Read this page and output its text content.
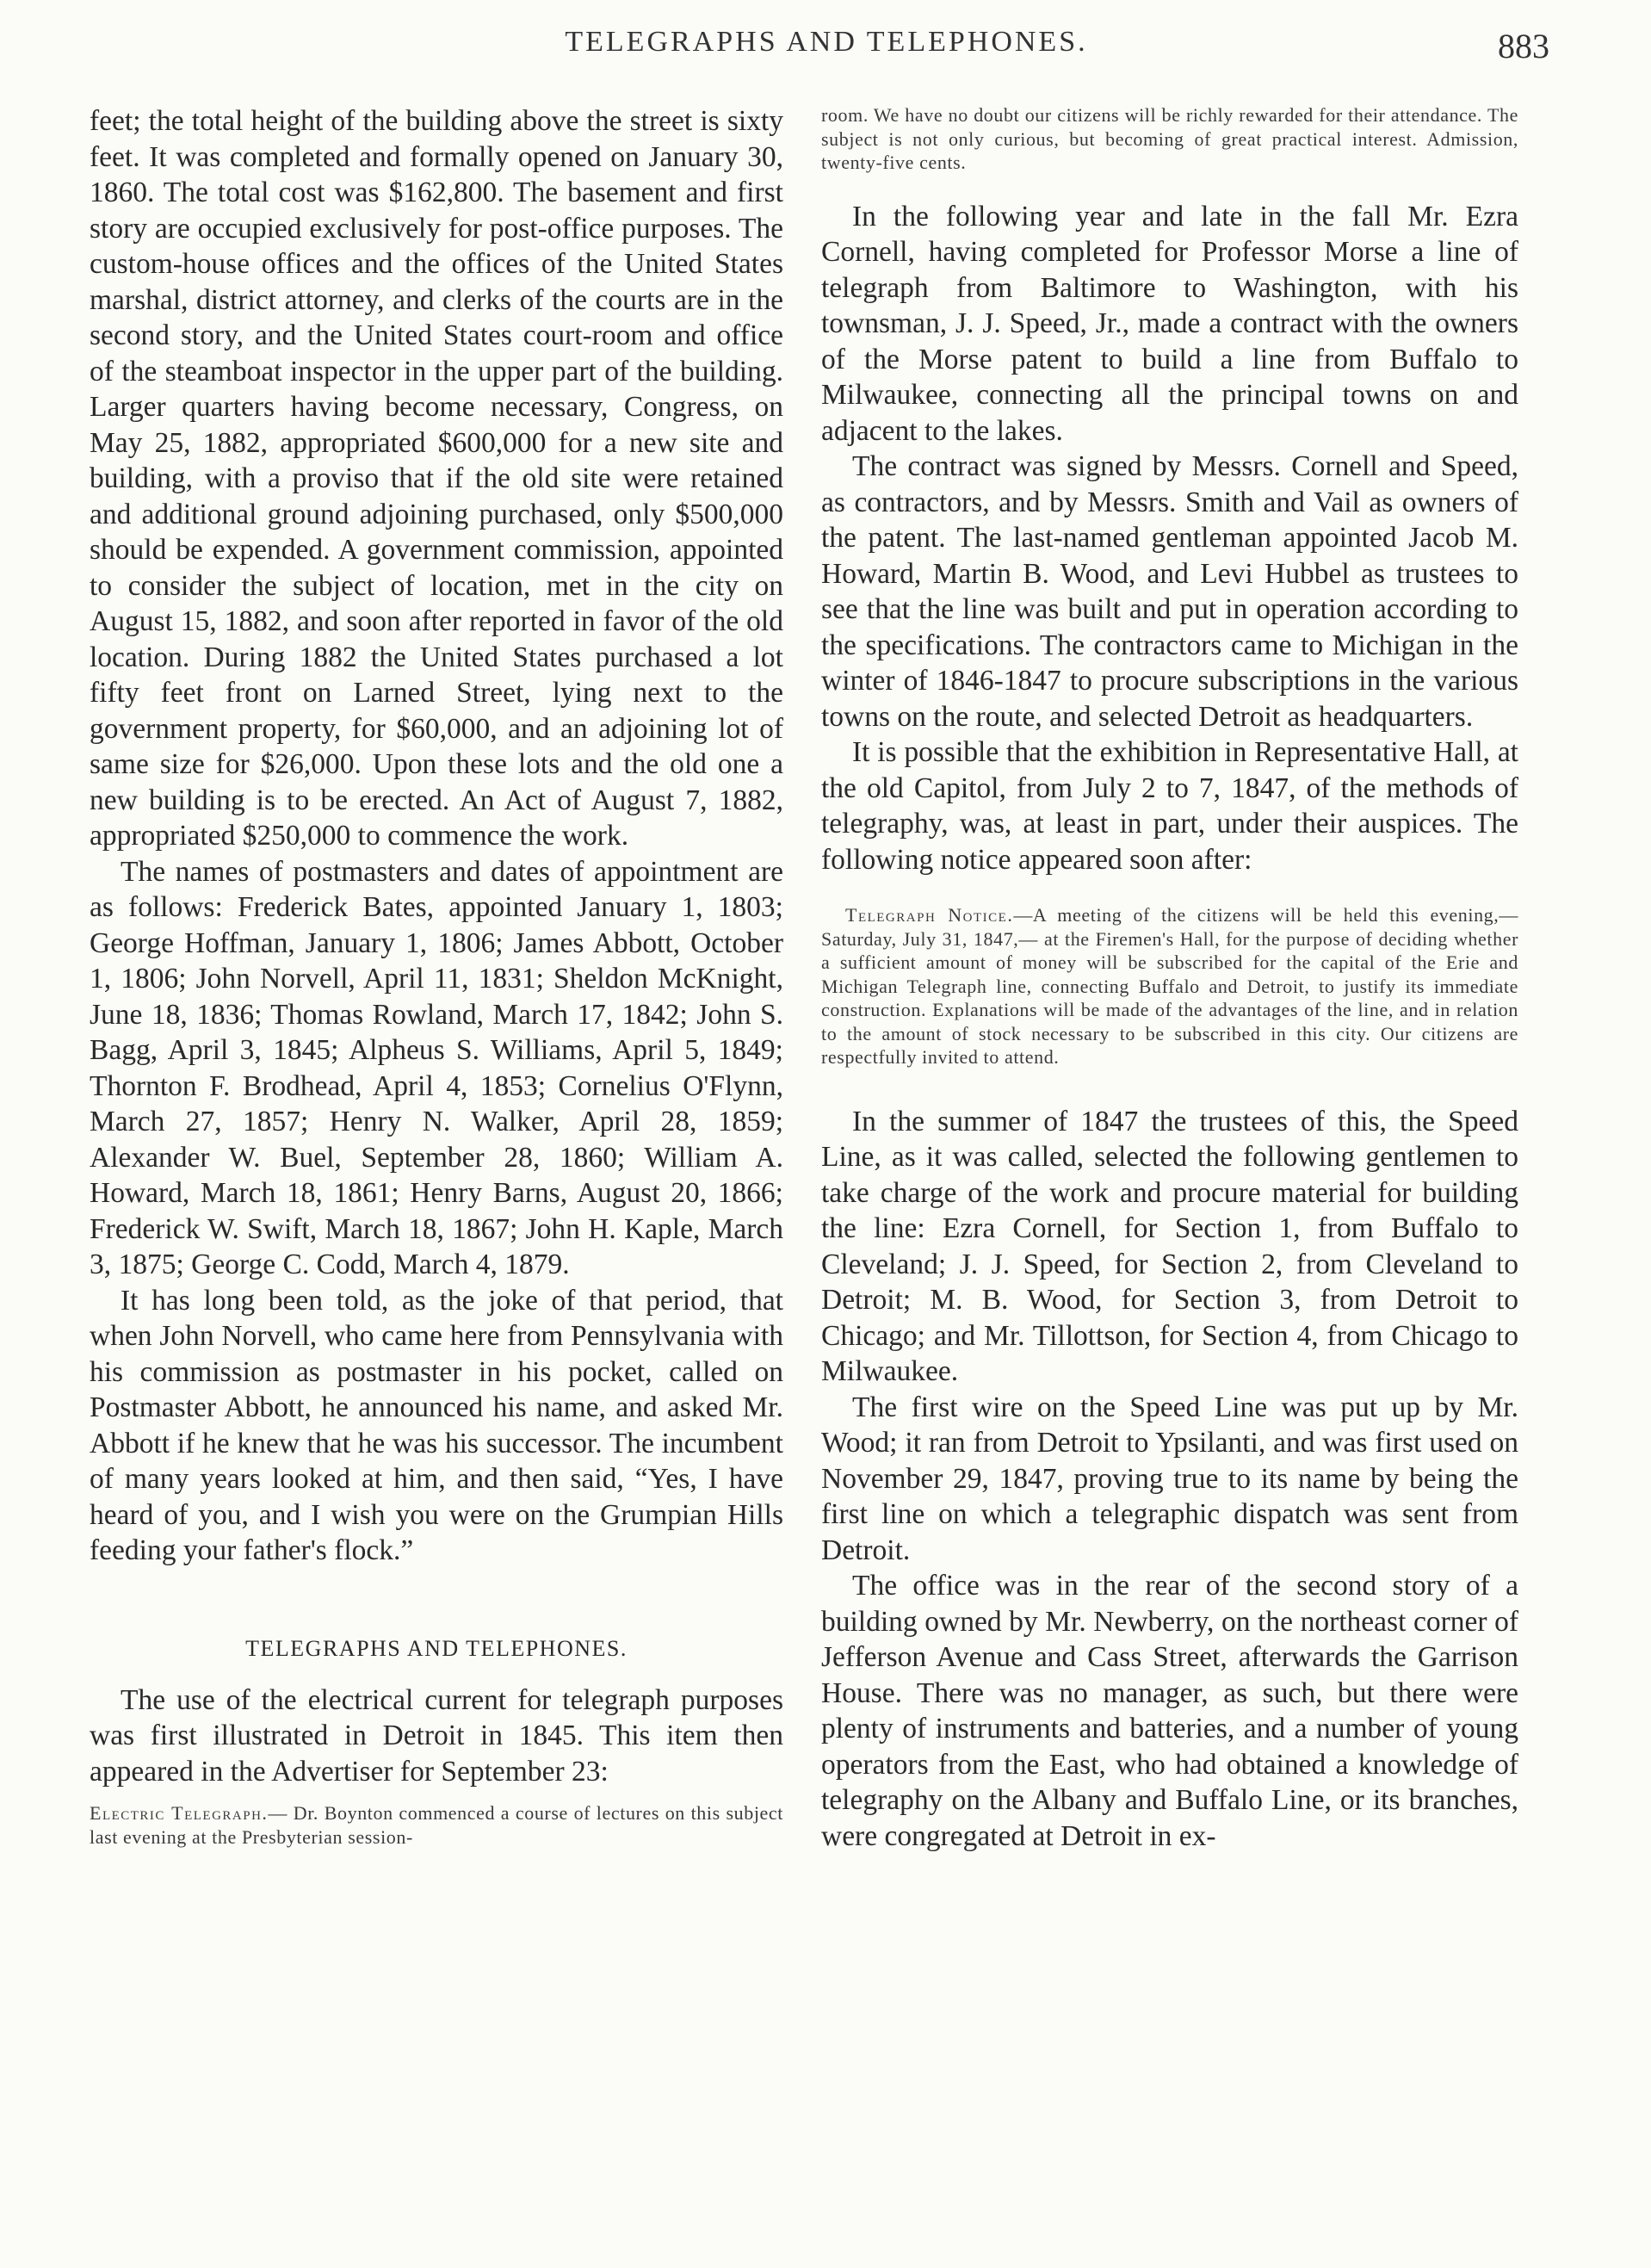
TELEGRAPHS AND TELEPHONES.	883

feet; the total height of the building above the street is sixty feet. It was completed and formally opened on January 30, 1860. The total cost was $162,800. The basement and first story are occupied exclusively for post-office purposes. The custom-house offices and the offices of the United States marshal, district attorney, and clerks of the courts are in the second story, and the United States court-room and office of the steamboat inspector in the upper part of the building. Larger quarters having become necessary, Congress, on May 25, 1882, appropriated $600,000 for a new site and building, with a proviso that if the old site were retained and additional ground adjoining purchased, only $500,000 should be expended. A government commission, appointed to consider the subject of location, met in the city on August 15, 1882, and soon after reported in favor of the old location. During 1882 the United States purchased a lot fifty feet front on Larned Street, lying next to the government property, for $60,000, and an adjoining lot of same size for $26,000. Upon these lots and the old one a new building is to be erected. An Act of August 7, 1882, appropriated $250,000 to commence the work.

The names of postmasters and dates of appointment are as follows: Frederick Bates, appointed January 1, 1803; George Hoffman, January 1, 1806; James Abbott, October 1, 1806; John Norvell, April 11, 1831; Sheldon McKnight, June 18, 1836; Thomas Rowland, March 17, 1842; John S. Bagg, April 3, 1845; Alpheus S. Williams, April 5, 1849; Thornton F. Brodhead, April 4, 1853; Cornelius O'Flynn, March 27, 1857; Henry N. Walker, April 28, 1859; Alexander W. Buel, September 28, 1860; William A. Howard, March 18, 1861; Henry Barns, August 20, 1866; Frederick W. Swift, March 18, 1867; John H. Kaple, March 3, 1875; George C. Codd, March 4, 1879.

It has long been told, as the joke of that period, that when John Norvell, who came here from Pennsylvania with his commission as postmaster in his pocket, called on Postmaster Abbott, he announced his name, and asked Mr. Abbott if he knew that he was his successor. The incumbent of many years looked at him, and then said, “Yes, I have heard of you, and I wish you were on the Grumpian Hills feeding your father's flock.”

TELEGRAPHS AND TELEPHONES.

The use of the electrical current for telegraph purposes was first illustrated in Detroit in 1845. This item then appeared in the Advertiser for September 23:

Electric Telegraph.— Dr. Boynton commenced a course of lectures on this subject last evening at the Presbyterian session-

room. We have no doubt our citizens will be richly rewarded for their attendance. The subject is not only curious, but becoming of great practical interest. Admission, twenty-five cents.

In the following year and late in the fall Mr. Ezra Cornell, having completed for Professor Morse a line of telegraph from Baltimore to Washington, with his townsman, J. J. Speed, Jr., made a contract with the owners of the Morse patent to build a line from Buffalo to Milwaukee, connecting all the principal towns on and adjacent to the lakes.

The contract was signed by Messrs. Cornell and Speed, as contractors, and by Messrs. Smith and Vail as owners of the patent. The last-named gentleman appointed Jacob M. Howard, Martin B. Wood, and Levi Hubbel as trustees to see that the line was built and put in operation according to the specifications. The contractors came to Michigan in the winter of 1846-1847 to procure subscriptions in the various towns on the route, and selected Detroit as headquarters.

It is possible that the exhibition in Representative Hall, at the old Capitol, from July 2 to 7, 1847, of the methods of telegraphy, was, at least in part, under their auspices. The following notice appeared soon after:

Telegraph Notice.—A meeting of the citizens will be held this evening,—Saturday, July 31, 1847,— at the Firemen's Hall, for the purpose of deciding whether a sufficient amount of money will be subscribed for the capital of the Erie and Michigan Telegraph line, connecting Buffalo and Detroit, to justify its immediate construction. Explanations will be made of the advantages of the line, and in relation to the amount of stock necessary to be subscribed in this city. Our citizens are respectfully invited to attend.

In the summer of 1847 the trustees of this, the Speed Line, as it was called, selected the following gentlemen to take charge of the work and procure material for building the line: Ezra Cornell, for Section 1, from Buffalo to Cleveland; J. J. Speed, for Section 2, from Cleveland to Detroit; M. B. Wood, for Section 3, from Detroit to Chicago; and Mr. Tillottson, for Section 4, from Chicago to Milwaukee.

The first wire on the Speed Line was put up by Mr. Wood; it ran from Detroit to Ypsilanti, and was first used on November 29, 1847, proving true to its name by being the first line on which a telegraphic dispatch was sent from Detroit.

The office was in the rear of the second story of a building owned by Mr. Newberry, on the northeast corner of Jefferson Avenue and Cass Street, afterwards the Garrison House. There was no manager, as such, but there were plenty of instruments and batteries, and a number of young operators from the East, who had obtained a knowledge of telegraphy on the Albany and Buffalo Line, or its branches, were congregated at Detroit in ex-
